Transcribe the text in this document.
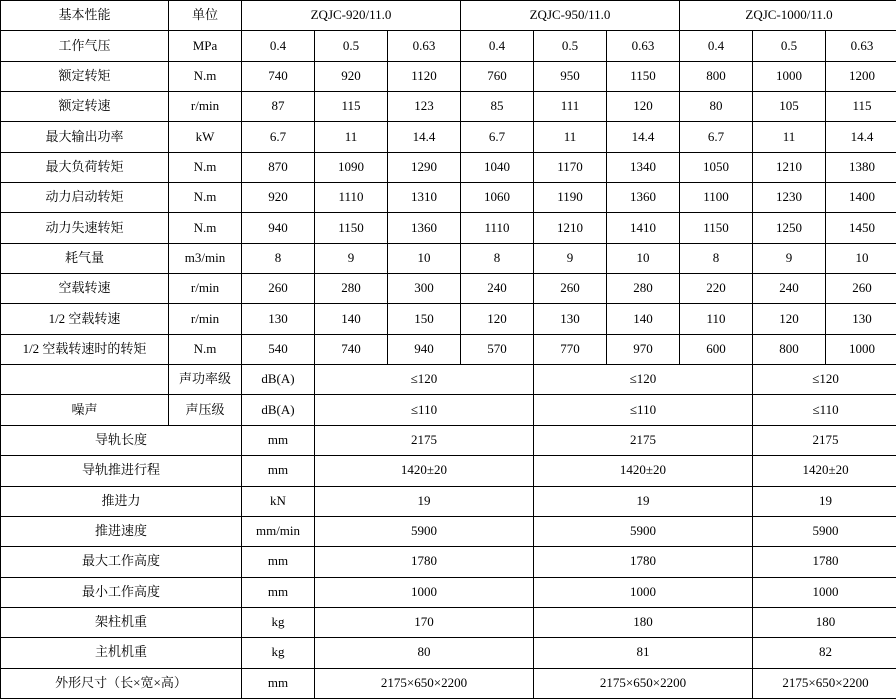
基本性能	单位	ZQJC-920/11.0			ZQJC-950/11.0			ZQJC-1000/11.0		
工作气压	MPa	0.4	0.5	0.63	0.4	0.5	0.63	0.4	0.5	0.63
额定转矩	N.m	740	920	1120	760	950	1150	800	1000	1200
额定转速	r/min	87	115	123	85	111	120	80	105	115
最大输出功率	kW	6.7	11	14.4	6.7	11	14.4	6.7	11	14.4
最大负荷转矩	N.m	870	1090	1290	1040	1170	1340	1050	1210	1380
动力启动转矩	N.m	920	1110	1310	1060	1190	1360	1100	1230	1400
动力失速转矩	N.m	940	1150	1360	1110	1210	1410	1150	1250	1450
耗气量	m3/min	8	9	10	8	9	10	8	9	10
空载转速	r/min	260	280	300	240	260	280	220	240	260
1/2 空载转速	r/min	130	140	150	120	130	140	110	120	130
1/2 空载转速时的转矩	N.m	540	740	940	570	770	970	600	800	1000
	声功率级	dB(A)	≤120			≤120			≤120	
噪声	声压级	dB(A)	≤110			≤110			≤110	
导轨长度		mm	2175			2175			2175	
导轨推进行程		mm	1420±20			1420±20			1420±20	
推进力		kN	19			19			19	
推进速度		mm/min	5900			5900			5900	
最大工作高度		mm	1780			1780			1780	
最小工作高度		mm	1000			1000			1000	
架柱机重		kg	170			180			180	
主机机重		kg	80			81			82	
外形尺寸（长×宽×高）		mm	2175×650×2200			2175×650×2200			2175×650×2200	
